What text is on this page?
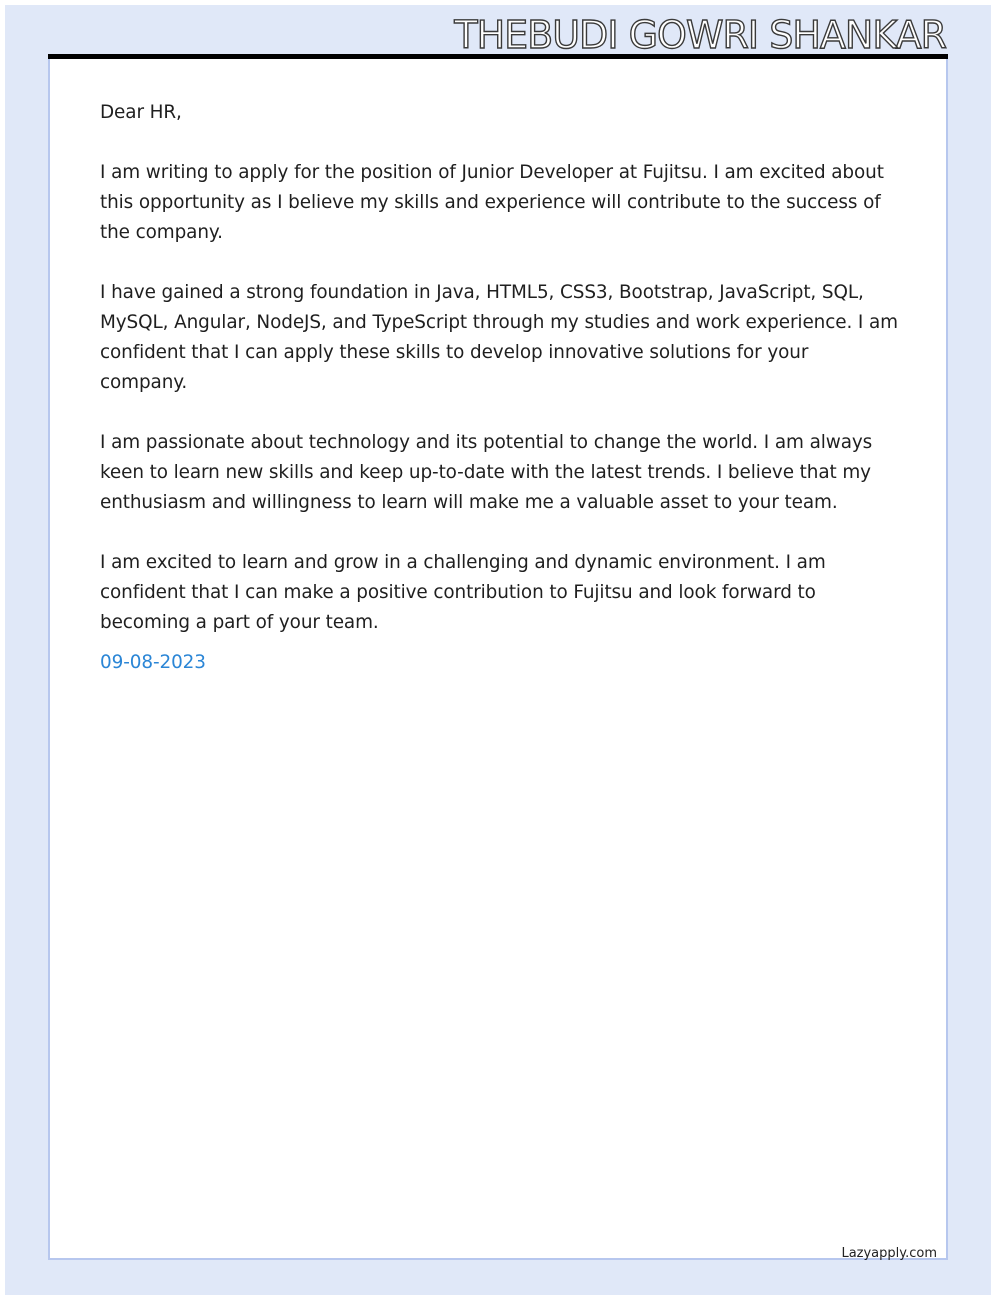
THEBUDI GOWRI SHANKAR

Dear HR,

I am writing to apply for the position of Junior Developer at Fujitsu. I am excited about this opportunity as I believe my skills and experience will contribute to the success of the company.

I have gained a strong foundation in Java, HTML5, CSS3, Bootstrap, JavaScript, SQL, MySQL, Angular, NodeJS, and TypeScript through my studies and work experience. I am confident that I can apply these skills to develop innovative solutions for your company.

I am passionate about technology and its potential to change the world. I am always keen to learn new skills and keep up-to-date with the latest trends. I believe that my enthusiasm and willingness to learn will make me a valuable asset to your team.

I am excited to learn and grow in a challenging and dynamic environment. I am confident that I can make a positive contribution to Fujitsu and look forward to becoming a part of your team.

09-08-2023

Lazyapply.com
